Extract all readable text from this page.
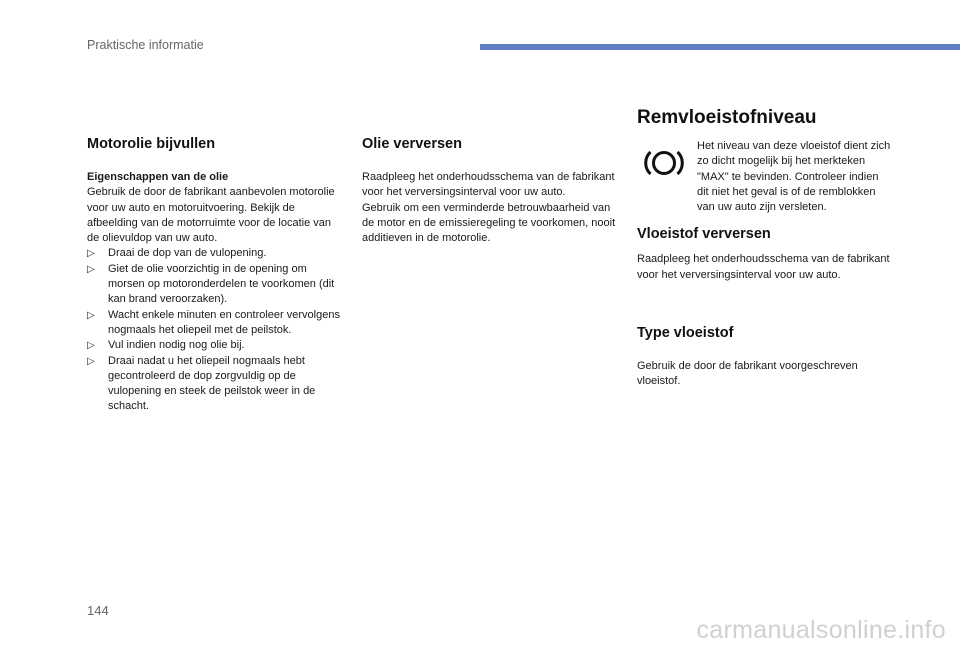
Praktische informatie
Motorolie bijvullen

Eigenschappen van de olie

Gebruik de door de fabrikant aanbevolen motorolie voor uw auto en motoruitvoering. Bekijk de afbeelding van de motorruimte voor de locatie van de olievuldop van uw auto.

▷ Draai de dop van de vulopening.
▷ Giet de olie voorzichtig in de opening om morsen op motoronderdelen te voorkomen (dit kan brand veroorzaken).
▷ Wacht enkele minuten en controleer vervolgens nogmaals het oliepeil met de peilstok.
▷ Vul indien nodig nog olie bij.
▷ Draai nadat u het oliepeil nogmaals hebt gecontroleerd de dop zorgvuldig op de vulopening en steek de peilstok weer in de schacht.
Olie verversen

Raadpleeg het onderhoudsschema van de fabrikant voor het verversingsinterval voor uw auto.

Gebruik om een verminderde betrouwbaarheid van de motor en de emissieregeling te voorkomen, nooit additieven in de motorolie.

Remvloeistofniveau

Het niveau van deze vloeistof dient zich zo dicht mogelijk bij het merkteken "MAX" te bevinden. Controleer indien dit niet het geval is of de remblokken van uw auto zijn versleten.

Vloeistof verversen

Raadpleeg het onderhoudsschema van de fabrikant voor het verversingsinterval voor uw auto.

Type vloeistof

Gebruik de door de fabrikant voorgeschreven vloeistof.

144
carmanualsonline.info
